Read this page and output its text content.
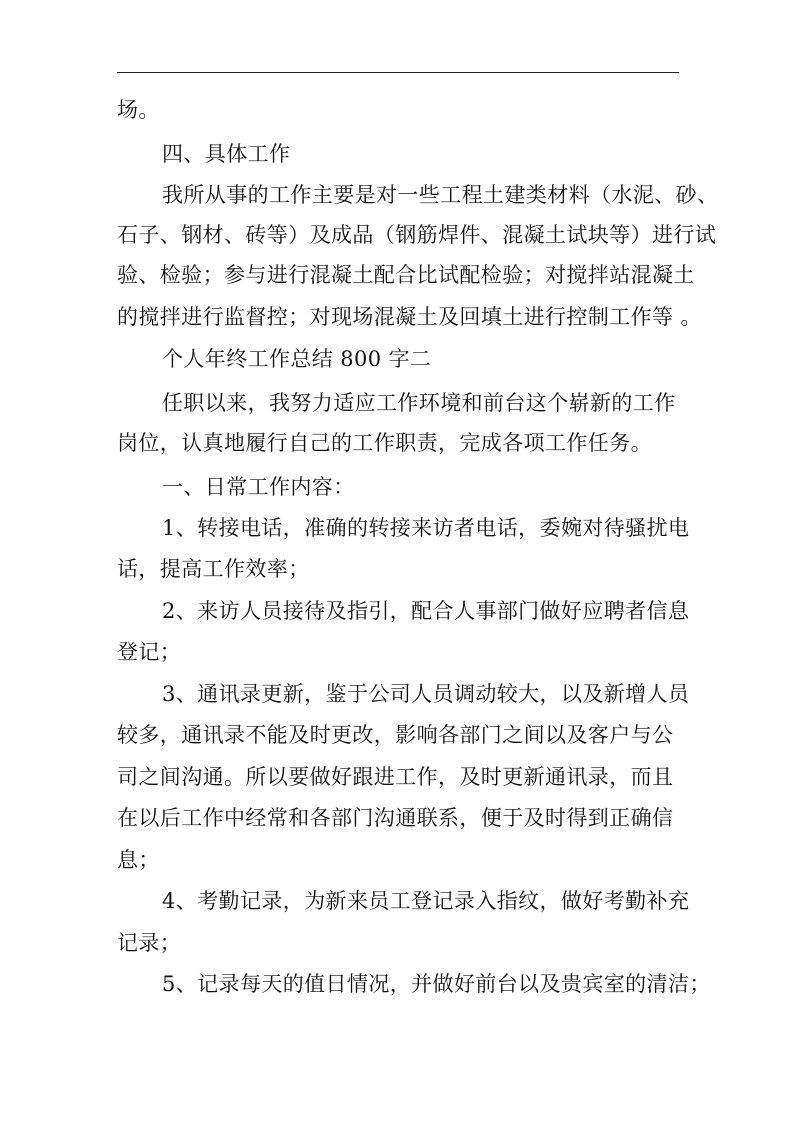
场。
四、具体工作
我所从事的工作主要是对一些工程土建类材料（水泥、砂、
石子、钢材、砖等）及成品（钢筋焊件、混凝土试块等）进行试
验、检验；参与进行混凝土配合比试配检验；对搅拌站混凝土
的搅拌进行监督控；对现场混凝土及回填土进行控制工作等 。
个人年终工作总结 800 字二
任职以来，我努力适应工作环境和前台这个崭新的工作
岗位，认真地履行自己的工作职责，完成各项工作任务。
一、日常工作内容：
1、转接电话，准确的转接来访者电话，委婉对待骚扰电
话，提高工作效率；
2、来访人员接待及指引，配合人事部门做好应聘者信息
登记；
3、通讯录更新，鉴于公司人员调动较大，以及新增人员
较多，通讯录不能及时更改，影响各部门之间以及客户与公
司之间沟通。所以要做好跟进工作，及时更新通讯录，而且
在以后工作中经常和各部门沟通联系，便于及时得到正确信
息；
4、考勤记录，为新来员工登记录入指纹，做好考勤补充
记录；
5、记录每天的值日情况，并做好前台以及贵宾室的清洁；
